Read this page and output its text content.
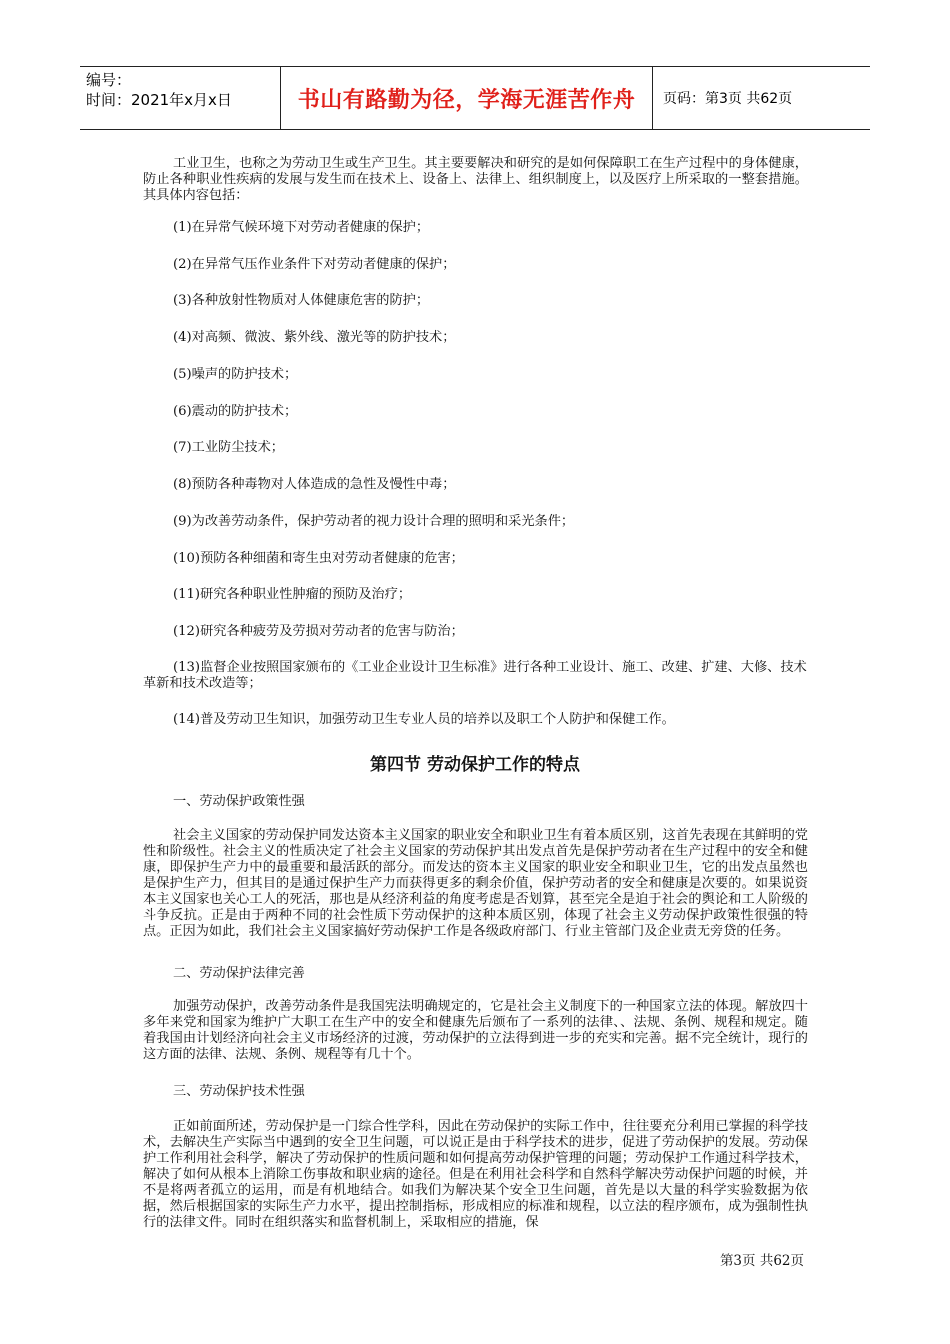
编号：
时间：2021年x月x日	书山有路勤为径，学海无涯苦作舟	页码：第3页 共62页

工业卫生，也称之为劳动卫生或生产卫生。其主要要解决和研究的是如何保障职工在生产过程中的身体健康，防止各种职业性疾病的发展与发生而在技术上、设备上、法律上、组织制度上，以及医疗上所采取的一整套措施。其具体内容包括：

(1)在异常气候环境下对劳动者健康的保护；

(2)在异常气压作业条件下对劳动者健康的保护；

(3)各种放射性物质对人体健康危害的防护；

(4)对高频、微波、紫外线、激光等的防护技术；

(5)噪声的防护技术；

(6)震动的防护技术；

(7)工业防尘技术；

(8)预防各种毒物对人体造成的急性及慢性中毒；

(9)为改善劳动条件，保护劳动者的视力设计合理的照明和采光条件；

(10)预防各种细菌和寄生虫对劳动者健康的危害；

(11)研究各种职业性肿瘤的预防及治疗；

(12)研究各种疲劳及劳损对劳动者的危害与防治；

(13)监督企业按照国家颁布的《工业企业设计卫生标准》进行各种工业设计、施工、改建、扩建、大修、技术革新和技术改造等；

(14)普及劳动卫生知识，加强劳动卫生专业人员的培养以及职工个人防护和保健工作。

第四节 劳动保护工作的特点

一、劳动保护政策性强

社会主义国家的劳动保护同发达资本主义国家的职业安全和职业卫生有着本质区别，这首先表现在其鲜明的党性和阶级性。社会主义的性质决定了社会主义国家的劳动保护其出发点首先是保护劳动者在生产过程中的安全和健康，即保护生产力中的最重要和最活跃的部分。而发达的资本主义国家的职业安全和职业卫生，它的出发点虽然也是保护生产力，但其目的是通过保护生产力而获得更多的剩余价值，保护劳动者的安全和健康是次要的。如果说资本主义国家也关心工人的死活，那也是从经济利益的角度考虑是否划算，甚至完全是迫于社会的舆论和工人阶级的斗争反抗。正是由于两种不同的社会性质下劳动保护的这种本质区别，体现了社会主义劳动保护政策性很强的特点。正因为如此，我们社会主义国家搞好劳动保护工作是各级政府部门、行业主管部门及企业责无旁贷的任务。

二、劳动保护法律完善

加强劳动保护，改善劳动条件是我国宪法明确规定的，它是社会主义制度下的一种国家立法的体现。解放四十多年来党和国家为维护广大职工在生产中的安全和健康先后颁布了一系列的法律、、法规、条例、规程和规定。随着我国由计划经济向社会主义市场经济的过渡，劳动保护的立法得到进一步的充实和完善。据不完全统计，现行的这方面的法律、法规、条例、规程等有几十个。

三、劳动保护技术性强

正如前面所述，劳动保护是一门综合性学科，因此在劳动保护的实际工作中，往往要充分利用已掌握的科学技术，去解决生产实际当中遇到的安全卫生问题，可以说正是由于科学技术的进步，促进了劳动保护的发展。劳动保护工作利用社会科学，解决了劳动保护的性质问题和如何提高劳动保护管理的问题；劳动保护工作通过科学技术，解决了如何从根本上消除工伤事故和职业病的途径。但是在利用社会科学和自然科学解决劳动保护问题的时候，并不是将两者孤立的运用，而是有机地结合。如我们为解决某个安全卫生问题，首先是以大量的科学实验数据为依据，然后根据国家的实际生产力水平，提出控制指标，形成相应的标准和规程，以立法的程序颁布，成为强制性执行的法律文件。同时在组织落实和监督机制上，采取相应的措施，保

第3页 共62页
